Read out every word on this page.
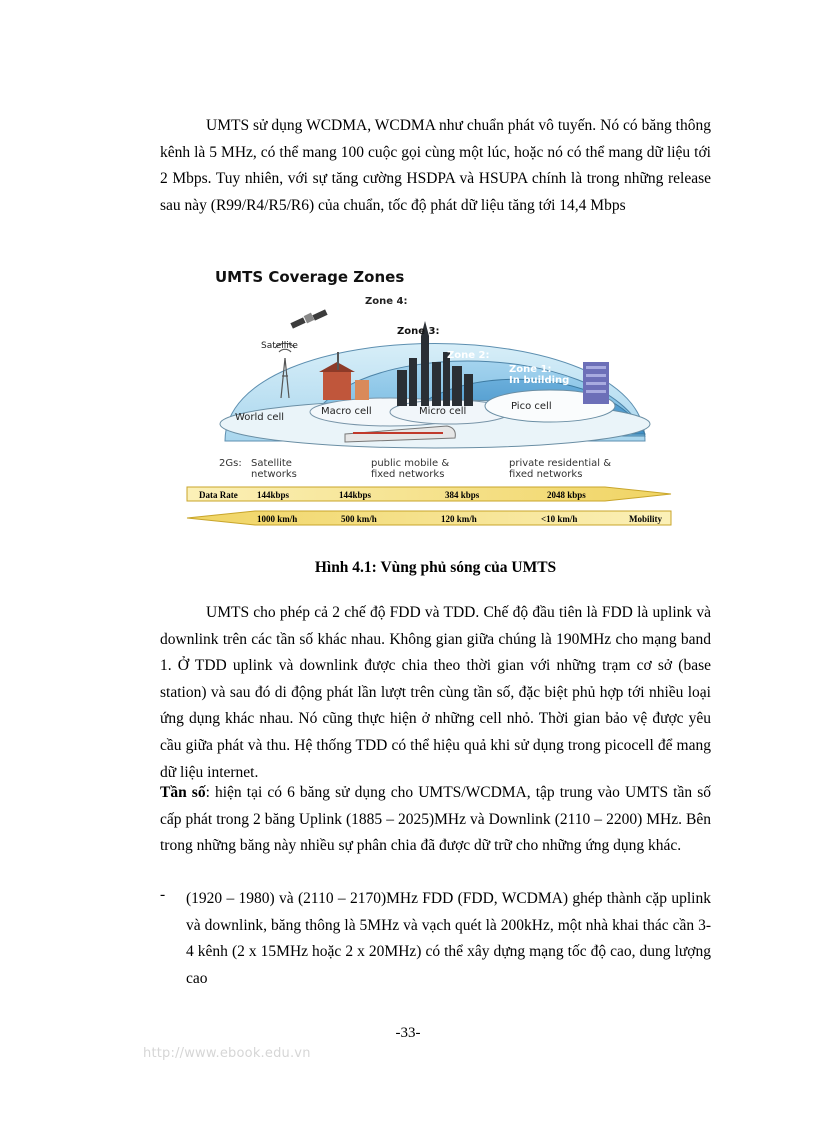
UMTS sử dụng WCDMA, WCDMA như chuẩn phát vô tuyến. Nó có băng thông kênh là 5 MHz, có thể mang 100 cuộc gọi cùng một lúc, hoặc nó có thể mang dữ liệu tới 2 Mbps. Tuy nhiên, với sự tăng cường HSDPA và HSUPA chính là trong những release sau này (R99/R4/R5/R6) của chuẩn, tốc độ phát dữ liệu tăng tới 14,4 Mbps

UMTS Coverage Zones
Zone 4:
Zone 3:
Zone 2:
Zone 1:
In building
Satellite
World cell
Macro cell	Micro cell	Pico cell
2Gs: Satellite
networks
public mobile &
fixed networks
private residential &
fixed networks
Data Rate 144kbps	144kbps	384 kbps	2048 kbps
1000 km/h	500 km/h	120 km/h	<10 km/h	Mobility

Hình 4.1: Vùng phủ sóng của UMTS

UMTS cho phép cả 2 chế độ FDD và TDD. Chế độ đầu tiên là FDD là uplink và downlink trên các tần số khác nhau. Không gian giữa chúng là 190MHz cho mạng band 1. Ở TDD uplink và downlink được chia theo thời gian với những trạm cơ sở (base station) và sau đó di động phát lần lượt trên cùng tần số, đặc biệt phủ hợp tới nhiều loại ứng dụng khác nhau. Nó cũng thực hiện ở những cell nhỏ. Thời gian bảo vệ được yêu cầu giữa phát và thu. Hệ thống TDD có thể hiệu quả khi sử dụng trong picocell để mang dữ liệu internet.

Tần số: hiện tại có 6 băng sử dụng cho UMTS/WCDMA, tập trung vào UMTS tần số cấp phát trong 2 băng Uplink (1885 – 2025)MHz và Downlink (2110 – 2200) MHz. Bên trong những băng này nhiều sự phân chia đã được dữ trữ cho những ứng dụng khác.

- (1920 – 1980) và (2110 – 2170)MHz FDD (FDD, WCDMA) ghép thành cặp uplink và downlink, băng thông là 5MHz và vạch quét là 200kHz, một nhà khai thác cần 3-4 kênh (2 x 15MHz hoặc 2 x 20MHz) có thể xây dựng mạng tốc độ cao, dung lượng cao

-33-
http://www.ebook.edu.vn
